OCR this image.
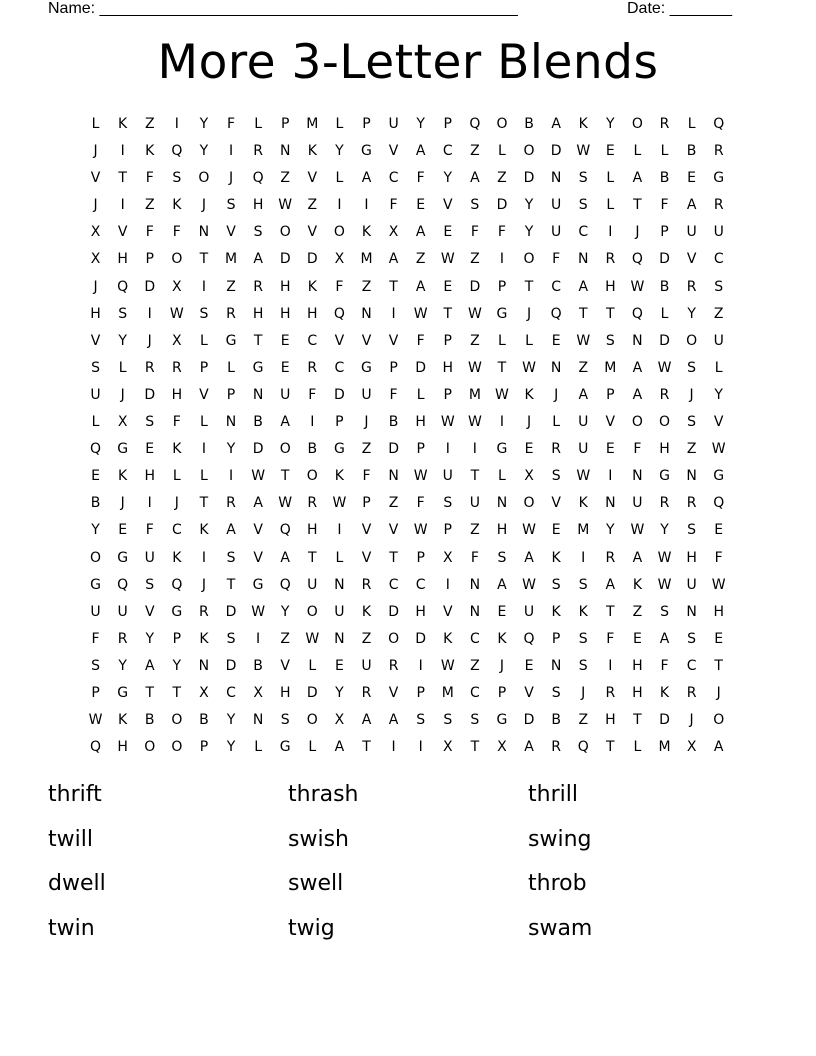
Name: _______________________________________________	Date: _______
More 3-Letter Blends
L	K	Z	I	Y	F	L	P	M	L	P	U	Y	P	Q	O	B	A	K	Y	O	R	L	Q
J	I	K	Q	Y	I	R	N	K	Y	G	V	A	C	Z	L	O	D	W	E	L	L	B	R
V	T	F	S	O	J	Q	Z	V	L	A	C	F	Y	A	Z	D	N	S	L	A	B	E	G
J	I	Z	K	J	S	H	W	Z	I	I	F	E	V	S	D	Y	U	S	L	T	F	A	R
X	V	F	F	N	V	S	O	V	O	K	X	A	E	F	F	Y	U	C	I	J	P	U	U
X	H	P	O	T	M	A	D	D	X	M	A	Z	W	Z	I	O	F	N	R	Q	D	V	C
J	Q	D	X	I	Z	R	H	K	F	Z	T	A	E	D	P	T	C	A	H	W	B	R	S
H	S	I	W	S	R	H	H	H	Q	N	I	W	T	W	G	J	Q	T	T	Q	L	Y	Z
V	Y	J	X	L	G	T	E	C	V	V	V	F	P	Z	L	L	E	W	S	N	D	O	U
S	L	R	R	P	L	G	E	R	C	G	P	D	H	W	T	W	N	Z	M	A	W	S	L
U	J	D	H	V	P	N	U	F	D	U	F	L	P	M	W	K	J	A	P	A	R	J	Y
L	X	S	F	L	N	B	A	I	P	J	B	H	W W	I	J	L	U	V	O	O	S	V
Q	G	E	K	I	Y	D	O	B	G	Z	D	P	I	I	G	E	R	U	E	F	H	Z	W
E	K	H	L	L	I	W	T	O	K	F	N	W	U	T	L	X	S	W	I	N	G	N	G
B	J	I	J	T	R	A	W	R	W	P	Z	F	S	U	N	O	V	K	N	U	R	R	Q
Y	E	F	C	K	A	V	Q	H	I	V	V	W	P	Z	H	W	E	M	Y	W	Y	S	E
O	G	U	K	I	S	V	A	T	L	V	T	P	X	F	S	A	K	I	R	A	W	H	F
G	Q	S	Q	J	T	G	Q	U	N	R	C	C	I	N	A	W	S	S	A	K	W	U	W
U	U	V	G	R	D	W	Y	O	U	K	D	H	V	N	E	U	K	K	T	Z	S	N	H
F	R	Y	P	K	S	I	Z	W	N	Z	O	D	K	C	K	Q	P	S	F	E	A	S	E
S	Y	A	Y	N	D	B	V	L	E	U	R	I	W	Z	J	E	N	S	I	H	F	C	T
P	G	T	T	X	C	X	H	D	Y	R	V	P	M	C	P	V	S	J	R	H	K	R	J
W	K	B	O	B	Y	N	S	O	X	A	A	S	S	S	G	D	B	Z	H	T	D	J	O
Q	H	O	O	P	Y	L	G	L	A	T	I	I	X	T	X	A	R	Q	T	L	M	X	A
thrift	thrash	thrill
twill	swish	swing
dwell	swell	throb
twin	twig	swam
